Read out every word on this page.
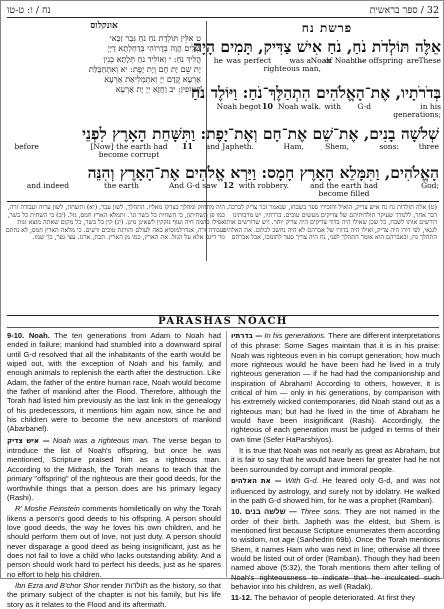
32 / ספר בראשית
נח / ו: ט-טו
אונקלוס
ט אִלֵּין תּוֹלְדָת נֹחַ נֹחַ גְּבַר זַכַּאי
שְׁלִים הֲוָה בְּדָרוֹהִי בְּדַחְלְתָא דַיְיָ
הֲלִיךְ נֹחַ: י וְאוֹלִיד נֹחַ תְּלָתָא בְנִין
יָת שֵׁם יָת חָם וְיָת יָפֶת: יא וְאִתְחַבַּלַת
אַרְעָא קֳדָם יְיָ וְאִתְמְלִיאַת אַרְעָא
חֲטוֹפִין: יב וַחֲזָא יְיָ יָת אַרְעָא
פרשת נח
אֵלֶּה תּוֹלְדֹת נֹחַ, נֹחַ אִישׁ צַדִּיק, תָּמִים הָיָה
These
are
the offspring
of Noah —
Noah
was a
righteous man,
perfect
was
he
בְּדֹרֹתָיו, אֶת־הָאֱלֹהִים הִתְהַלֶּךְ־נֹחַ: וַיּוֹלֶד נֹחַ
in his
generations;
G-d
with
Noah walk.
10
Noah begot
שְׁלשָׁה בָנִים, אֶת־שֵׁם אֶת־חָם וְאֶת־יָפֶת: וַתִּשָּׁחֵת הָאָרֶץ לִפְנֵי
three
sons:
Shem,
Ham,
and Japheth.
11
[Now] the earth had become corrupt
before
הָאֱלֹהִים, וַתִּמָּלֵא הָאָרֶץ חָמָס: וַיַּרְא אֱלֹהִים אֶת־הָאָרֶץ וְהִנֵּה
God;
and the earth had become filled
with robbery.
12
And G-d saw
the earth
and indeed

(ט) אלה תולדות נח נח איש צדיק, הואיל והזכירו ספר בשבחו, שנאמר זכר צדיק לברכה.

דבר אחר, ללמדך שעיקר תולדותיהם של צדיקים מעשים טובים. בדרתיו, יש מרבותינו

דורשים אותו לשבח, כל שכן שאילו היה בדור צדיקים היה צדיק יותר. ויש שדורשים אותו

לגנאי, לפי דורו היה צדיק, ואילו היה בדורו של אברהם לא היה נחשב לכלום. את האלהים

התהלך נח, ובאברהם הוא אומר התהלך לפני, נח היה צריך סעד לתומכו, אבל אברהם

היה מתחזק ומהלך בצדקו מאליו. התהלך, לשון עבר. (יא) ותשחת, לשון ערוה ועבודה זרה,

כמו פן תשחיתון, כי השחית כל בשר וגו'. ותמלא הארץ חמס, גזל. (יב) כי השחית כל בשר,

אפילו בהמה חיה ועוף נזקקין לשאינן מינן. (יג) קץ כל בשר, כל מקום שאתה מוצא זנות

ועבודה זרה, אנדרלמוסיא באה לעולם והורגת טובים ורעים. כי מלאה הארץ חמס, לא נחתם

גזר דינם אלא על הגזל. את הארץ, כמו מן הארץ. תבת, ארגז. עצי גפר, כך שמו.

PARASHAS NOACH

9-10. Noah. The ten generations from Adam to Noah had ended in failure; mankind had stumbled into a downward spiral until G-d resolved that all the inhabitants of the earth would be wiped out, with the exception of Noah and his family, and enough animals to replenish the earth after the destruction. Like Adam, the father of the entire human race, Noah would become the father of mankind after the Flood. Therefore, although the Torah had listed him previously as the last link in the genealogy of his predecessors, it mentions him again now, since he and his children were to become the new ancestors of mankind (Abarbanel).

איש צדיק — Noah was a righteous man. The verse began to introduce the list of Noah's offspring, but once he was mentioned, Scripture praised him as a righteous man. According to the Midrash, the Torah means to teach that the primary "offspring" of the righteous are their good deeds, for the worthwhile things that a person does are his primary legacy (Rashi).

R' Moshe Feinstein comments homiletically on why the Torah likens a person's good deeds to his offspring. A person should love good deeds, the way he loves his own children, and he should perform them out of love, not just duty. A person should never disparage a good deed as being insignificant, just as he does not fail to love a child who lacks outstanding ability. And a person should work hard to perfect his deeds, just as he spares no effort to help his children.

Ibn Ezra and B'chor Shor render תולדות as the history, so that the primary subject of the chapter is not his family, but his life story as it relates to the Flood and its aftermath.

בדרתיו — In his generations. There are different interpretations of this phrase: Some Sages maintain that it is in his praise: Noah was righteous even in his corrupt generation; how much more righteous would he have been had he lived in a truly righteous generation — if he had had the companionship and inspiration of Abraham! According to others, however, it is critical of him — only in his generations, by comparison with his extremely wicked contemporaries, did Noah stand out as a righteous man; but had he lived in the time of Abraham he would have been insignificant (Rashi). Accordingly, the righteous of each generation must be judged in terms of their own time (Sefer HaParshiyos).

It is true that Noah was not nearly as great as Abraham, but it is fair to say that he would have been far greater had he not been surrounded by corrupt and immoral people.

את האלהים — With G-d. He feared only G-d, and was not influenced by astrology, and surely not by idolatry. He walked in the path G-d showed him, for he was a prophet (Ramban).

10. שלשה בנים — Three sons. They are not named in the order of their birth. Japheth was the eldest, but Shem is mentioned first because Scripture enumerates them according to wisdom, not age (Sanhedrin 69b). Once the Torah mentions Shem, it names Ham who was next in line; otherwise all three would be listed out of order (Ramban). Though they had been named above (5:32), the Torah mentions them after telling of Noah's righteousness to indicate that he inculcated such behavior into his children, as well (Radak).

11-12. The behavior of people deteriorated. At first they
